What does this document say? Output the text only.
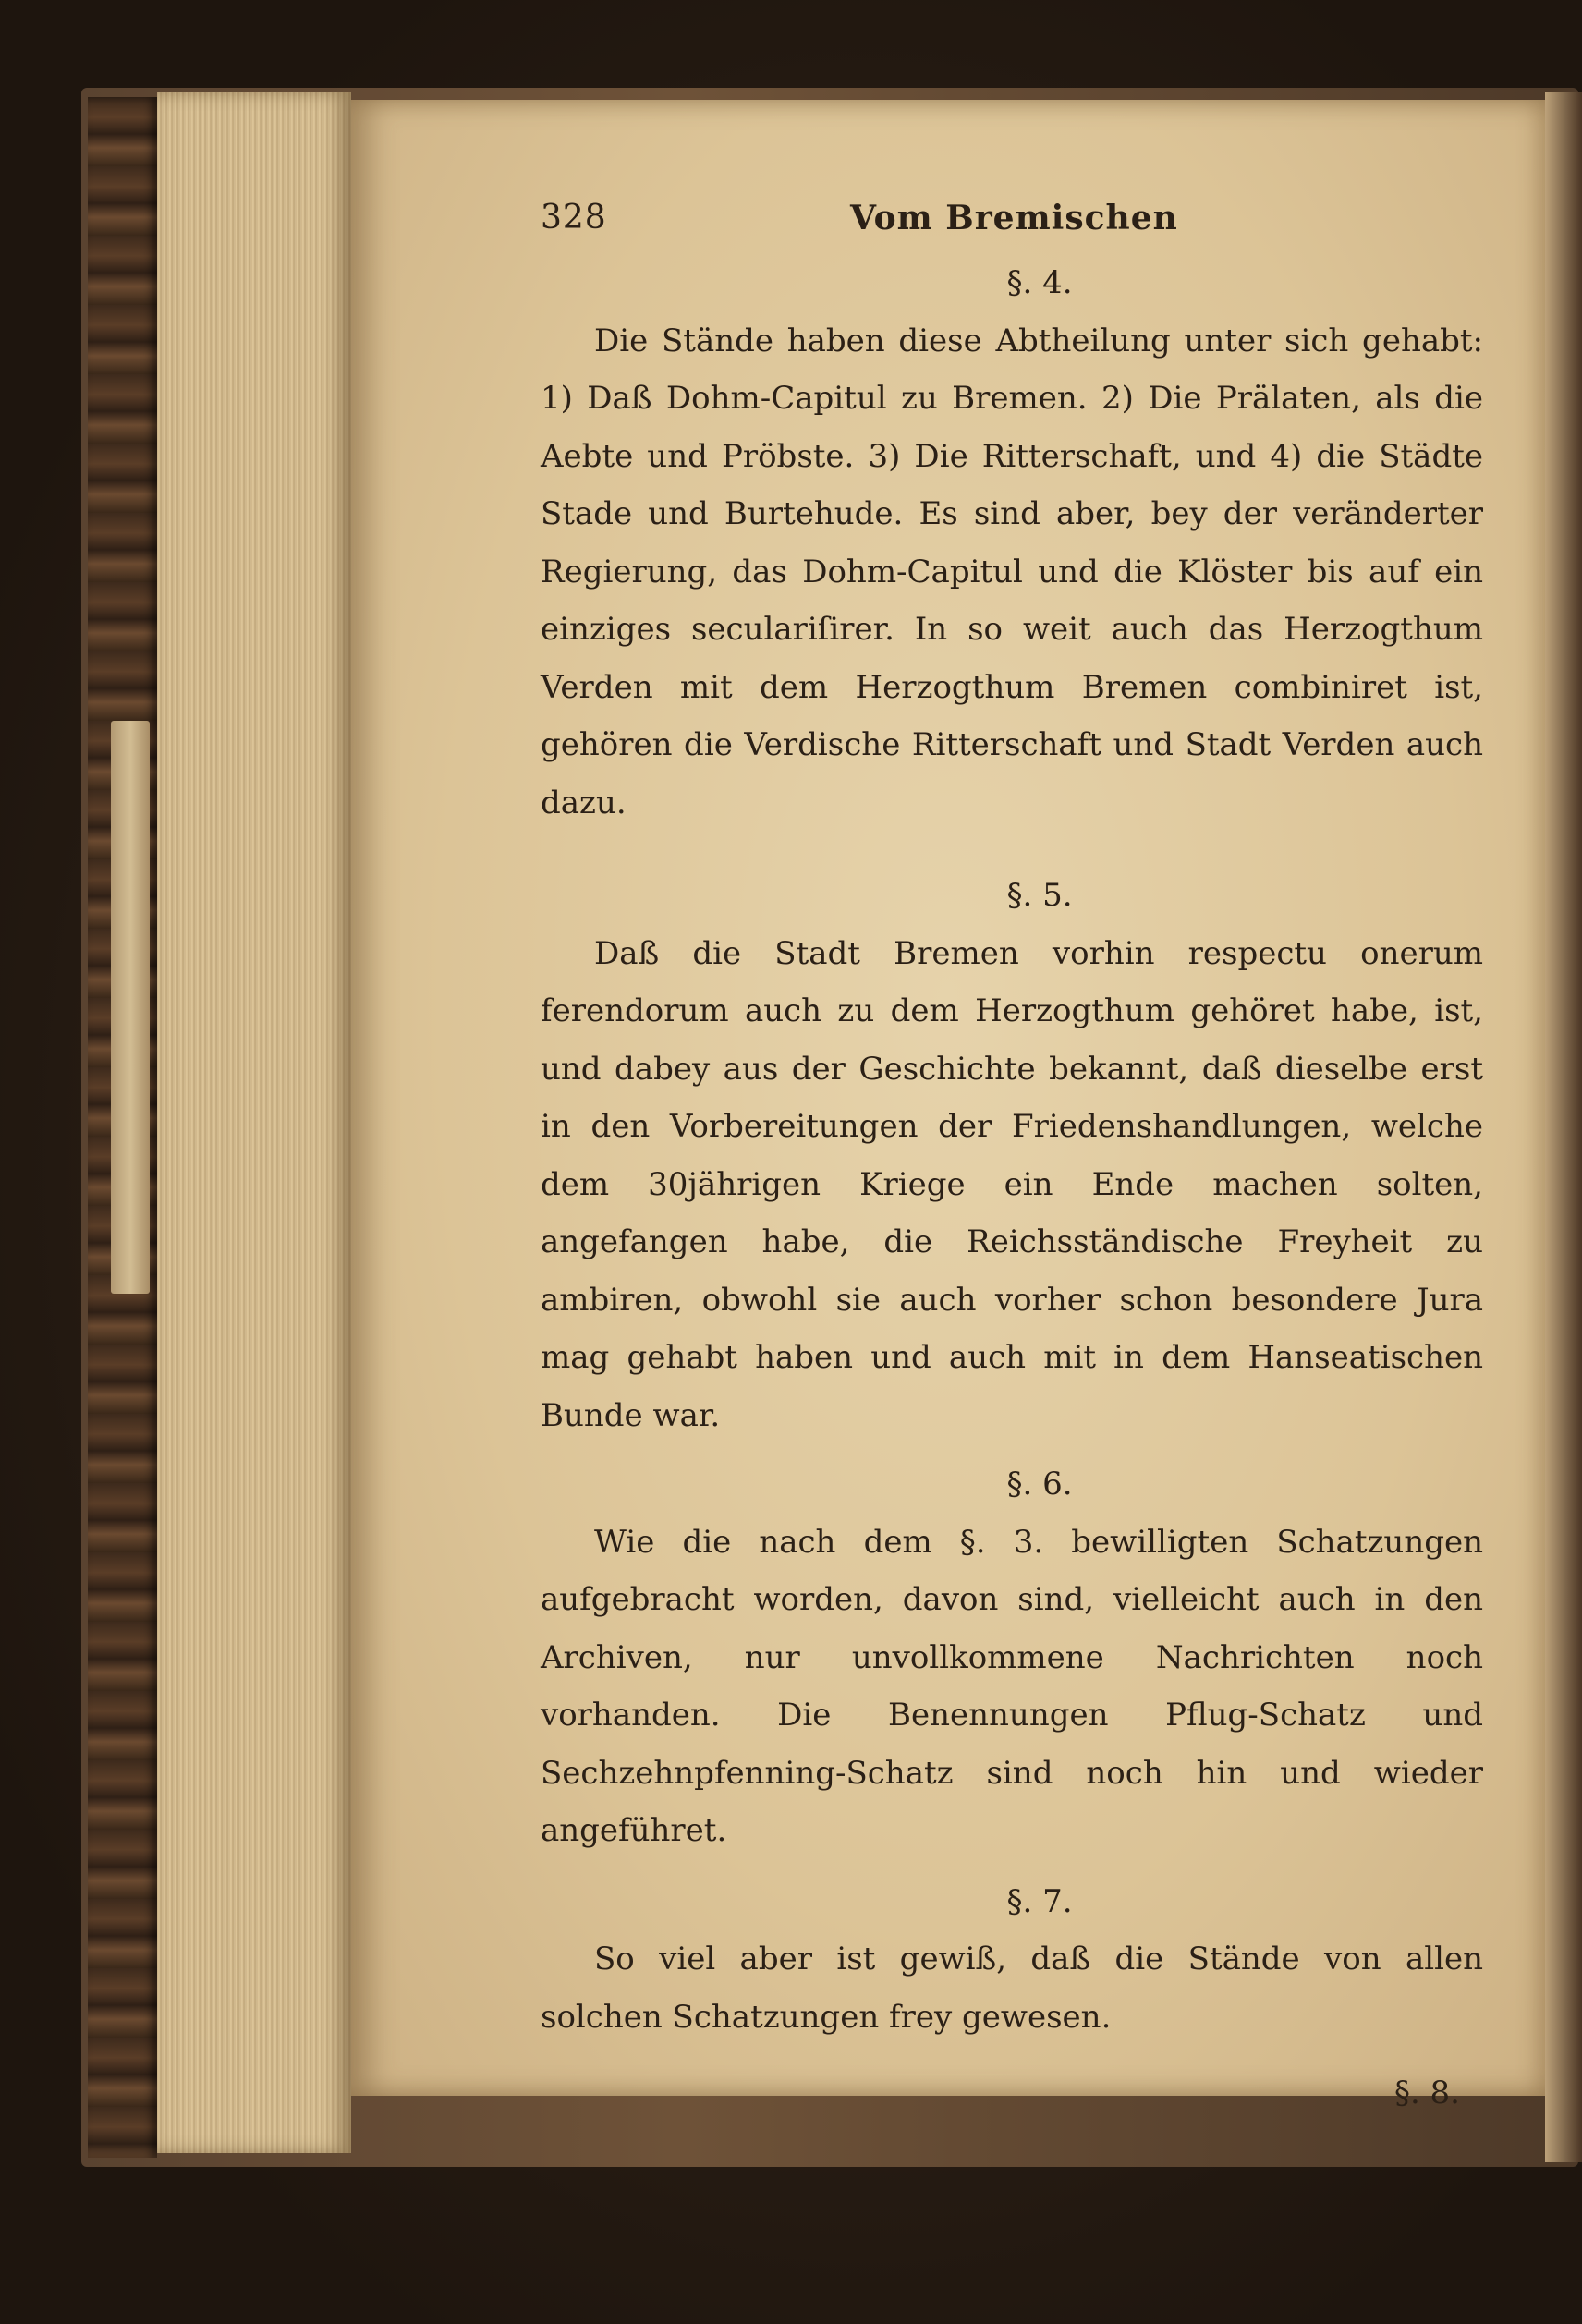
328	Vom Bremischen
§. 4.

Die Stände haben diese Abtheilung unter sich gehabt: 1) Daß Dohm-Capitul zu Bremen. 2) Die Prälaten, als die Aebte und Pröbste. 3) Die Ritterschaft, und 4) die Städte Stade und Burtehude. Es sind aber, bey der veränderter Regierung, das Dohm-Capitul und die Klöster bis auf ein einziges seculariſirer. In so weit auch das Herzogthum Verden mit dem Herzogthum Bremen combiniret ist, gehören die Verdische Ritterschaft und Stadt Verden auch dazu.

§. 5.

Daß die Stadt Bremen vorhin respectu onerum ferendorum auch zu dem Herzogthum gehöret habe, ist, und dabey aus der Geschichte bekannt, daß dieselbe erst in den Vorbereitungen der Friedenshandlungen, welche dem 30jährigen Kriege ein Ende machen solten, angefangen habe, die Reichsständische Freyheit zu ambiren, obwohl sie auch vorher schon besondere Jura mag gehabt haben und auch mit in dem Hanseatischen Bunde war.

§. 6.

Wie die nach dem §. 3. bewilligten Schatzungen aufgebracht worden, davon sind, vielleicht auch in den Archiven, nur unvollkommene Nachrichten noch vorhanden. Die Benennungen Pflug-Schatz und Sechzehnpfenning-Schatz sind noch hin und wieder angeführet.

§. 7.

So viel aber ist gewiß, daß die Stände von allen solchen Schatzungen frey gewesen.

§. 8.
